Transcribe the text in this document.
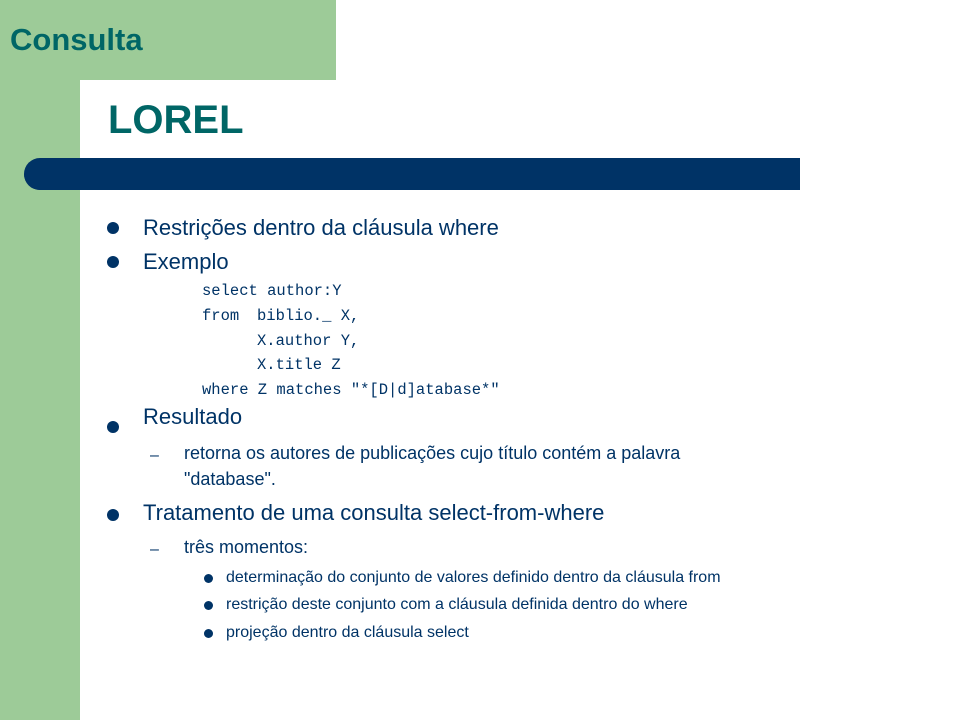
Consulta
LOREL
Restrições dentro da cláusula where
Exemplo
select author:Y
from biblio._ X,
X.author Y,
X.title Z
where Z matches "*[D|d]atabase*"
Resultado
– retorna os autores de publicações cujo título contém a palavra
"database".
Tratamento de uma consulta select-from-where
– três momentos:
determinação do conjunto de valores definido dentro da cláusula from
restrição deste conjunto com a cláusula definida dentro do where
projeção dentro da cláusula select
